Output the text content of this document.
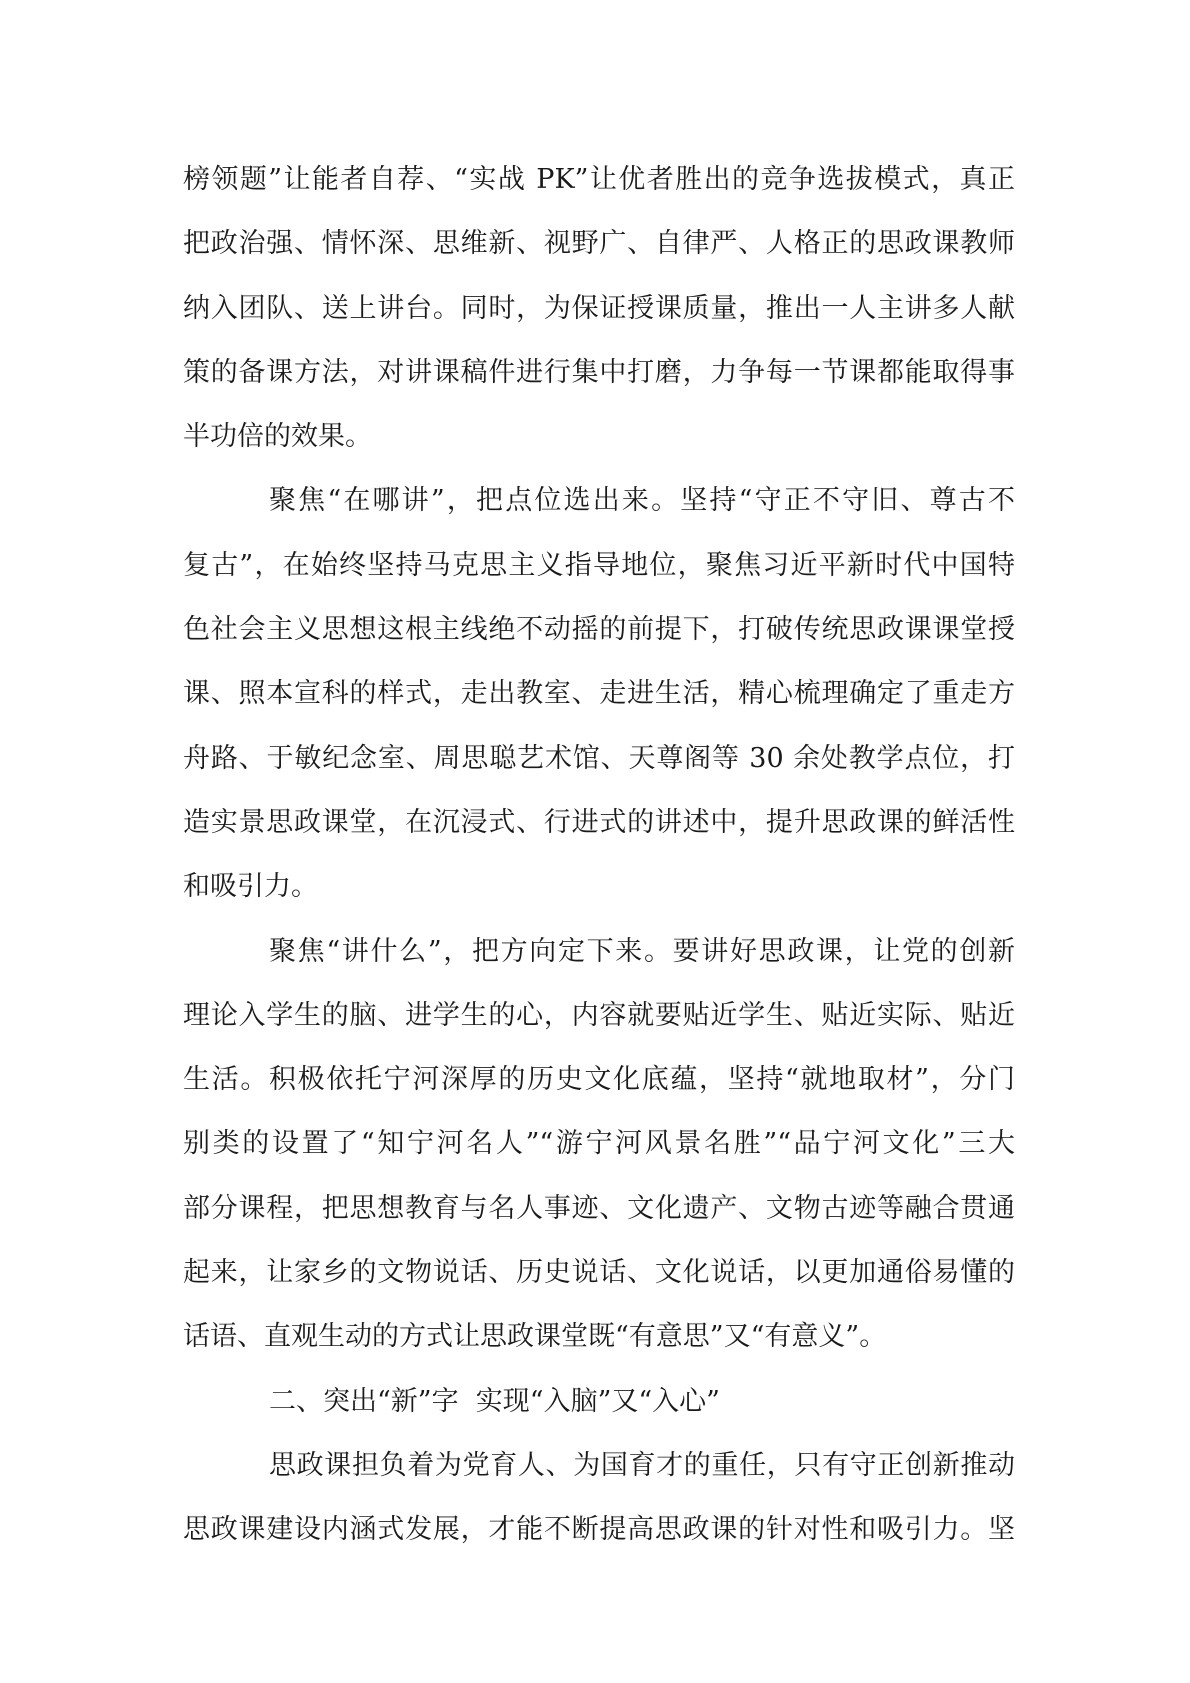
榜领题”让能者自荐、“实战 PK”让优者胜出的竞争选拔模式，真正
把政治强、情怀深、思维新、视野广、自律严、人格正的思政课教师
纳入团队、送上讲台。同时，为保证授课质量，推出一人主讲多人献
策的备课方法，对讲课稿件进行集中打磨，力争每一节课都能取得事
半功倍的效果。
聚焦“在哪讲”，把点位选出来。坚持“守正不守旧、尊古不
复古”，在始终坚持马克思主义指导地位，聚焦习近平新时代中国特
色社会主义思想这根主线绝不动摇的前提下，打破传统思政课课堂授
课、照本宣科的样式，走出教室、走进生活，精心梳理确定了重走方
舟路、于敏纪念室、周思聪艺术馆、天尊阁等 30 余处教学点位，打
造实景思政课堂，在沉浸式、行进式的讲述中，提升思政课的鲜活性
和吸引力。
聚焦“讲什么”，把方向定下来。要讲好思政课，让党的创新
理论入学生的脑、进学生的心，内容就要贴近学生、贴近实际、贴近
生活。积极依托宁河深厚的历史文化底蕴，坚持“就地取材”，分门
别类的设置了“知宁河名人”“游宁河风景名胜”“品宁河文化”三大
部分课程，把思想教育与名人事迹、文化遗产、文物古迹等融合贯通
起来，让家乡的文物说话、历史说话、文化说话，以更加通俗易懂的
话语、直观生动的方式让思政课堂既“有意思”又“有意义”。
二、突出“新”字  实现“入脑”又“入心”
思政课担负着为党育人、为国育才的重任，只有守正创新推动
思政课建设内涵式发展，才能不断提高思政课的针对性和吸引力。坚
